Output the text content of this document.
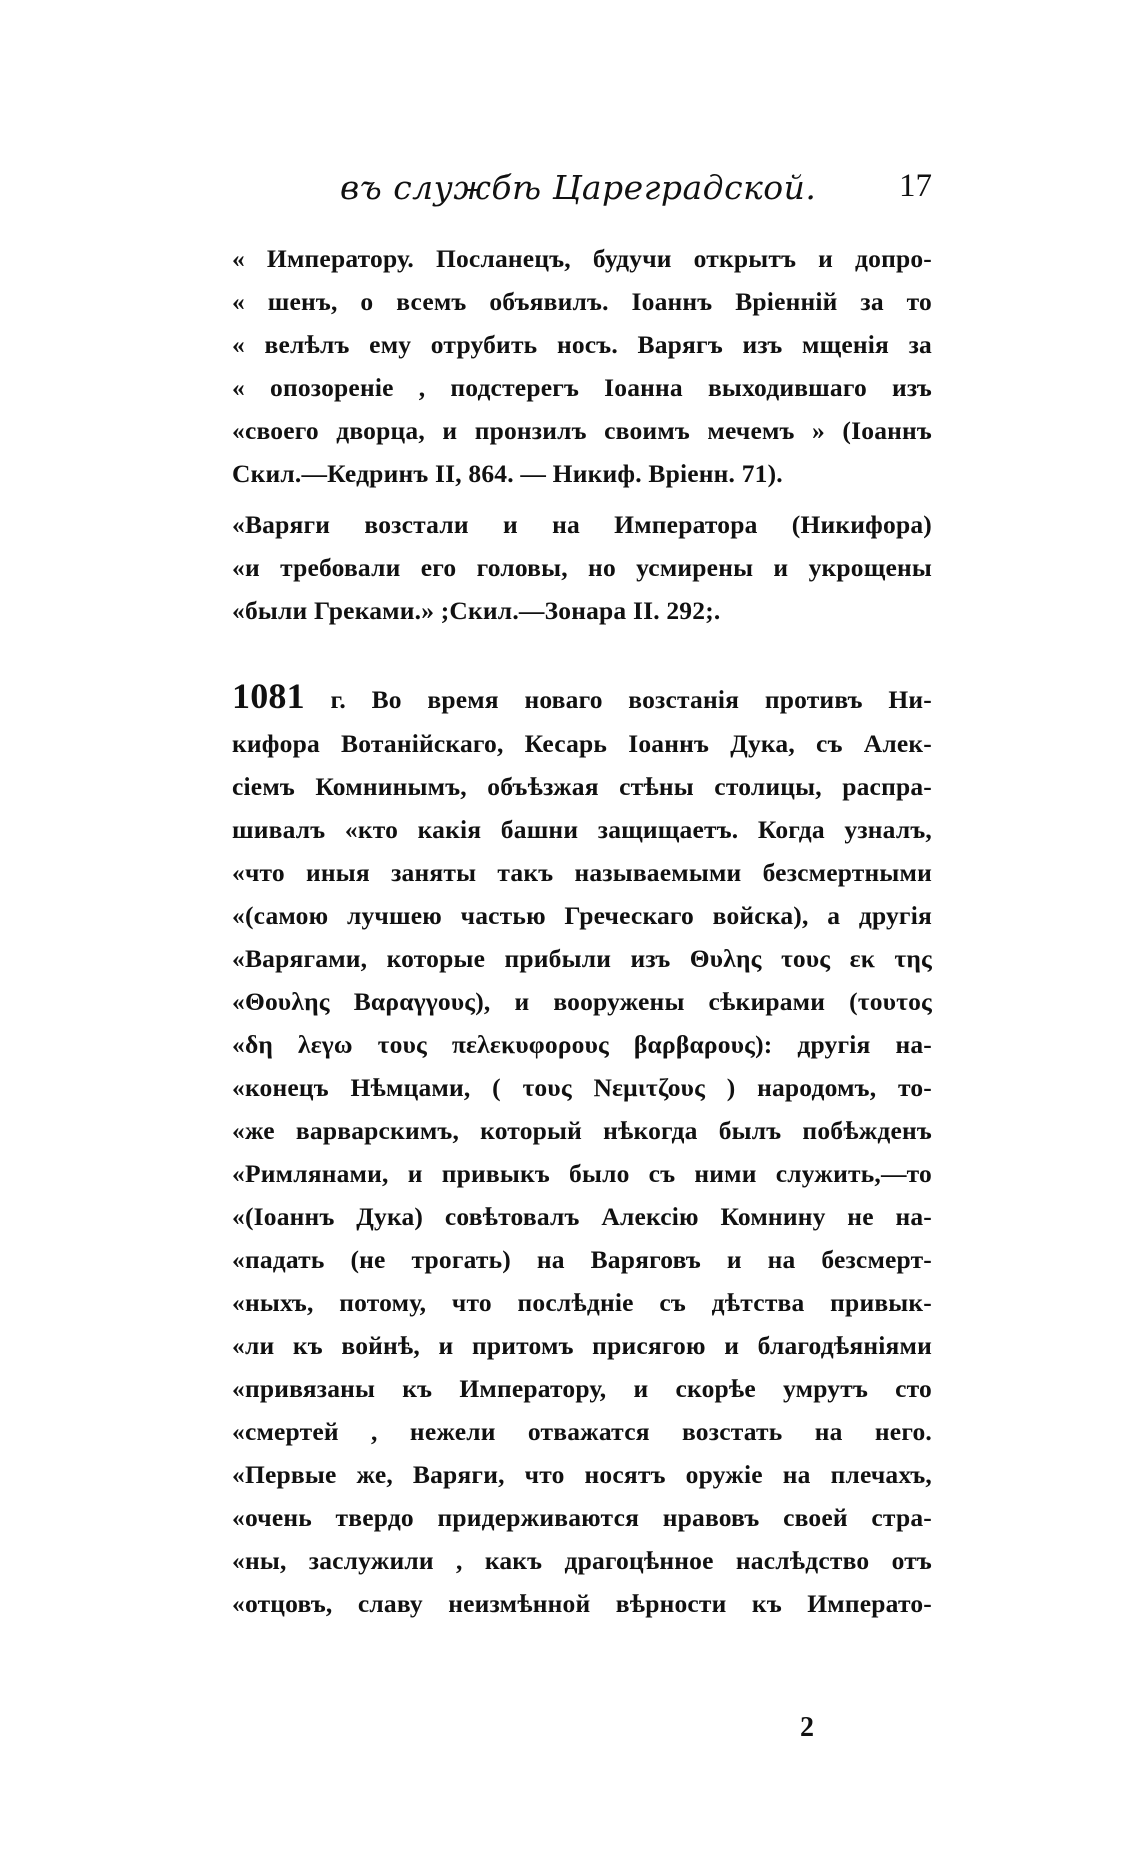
въ службѣ Цареградской.	17
« Императору. Посланецъ, будучи открытъ и допро-
« шенъ, о всемъ объявилъ. Іоаннъ Вріенній за то
« велѣлъ ему отрубить носъ. Варягъ изъ мщенія за
« опозореніе , подстерегъ Іоанна выходившаго изъ
«своего дворца, и пронзилъ своимъ мечемъ » (Іоаннъ
Скил.—Кедринъ II, 864. — Никиф. Вріенн. 71).
«Варяги возстали и на Императора (Никифора)
«и требовали его головы, но усмирены и укрощены
«были Греками.» ;Скил.—Зонара II. 292;.
1081 г. Во время новаго возстанія противъ Ни-
кифора Вотанійскаго, Кесарь Іоаннъ Дука, съ Алек-
сіемъ Комнинымъ, объѣзжая стѣны столицы, распра-
шивалъ «кто какія башни защищаетъ. Когда узналъ,
«что иныя заняты такъ называемыми безсмертными
«(самою лучшею частью Греческаго войска), а другія
«Варягами, которые прибыли изъ Θυλης τους εκ της
«Θουλης Βαραγγους), и вооружены сѣкирами (τουτος
«δη λεγω τους πελεκυφορους βαρβαρους): другія на-
«конецъ Нѣмцами, ( τους Νεμιτζους ) народомъ, то-
«же варварскимъ, который нѣкогда былъ побѣжденъ
«Римлянами, и привыкъ было съ ними служить,—то
«(Іоаннъ Дука) совѣтовалъ Алексію Комнину не на-
«падать (не трогать) на Варяговъ и на безсмерт-
«ныхъ, потому, что послѣдніе съ дѣтства привык-
«ли къ войнѣ, и притомъ присягою и благодѣяніями
«привязаны къ Императору, и скорѣе умрутъ сто
«смертей , нежели отважатся возстать на него.
«Первые же, Варяги, что носятъ оружіе на плечахъ,
«очень твердо придерживаются нравовъ своей стра-
«ны, заслужили , какъ драгоцѣнное наслѣдство отъ
«отцовъ, славу неизмѣнной вѣрности къ Императо-
2
